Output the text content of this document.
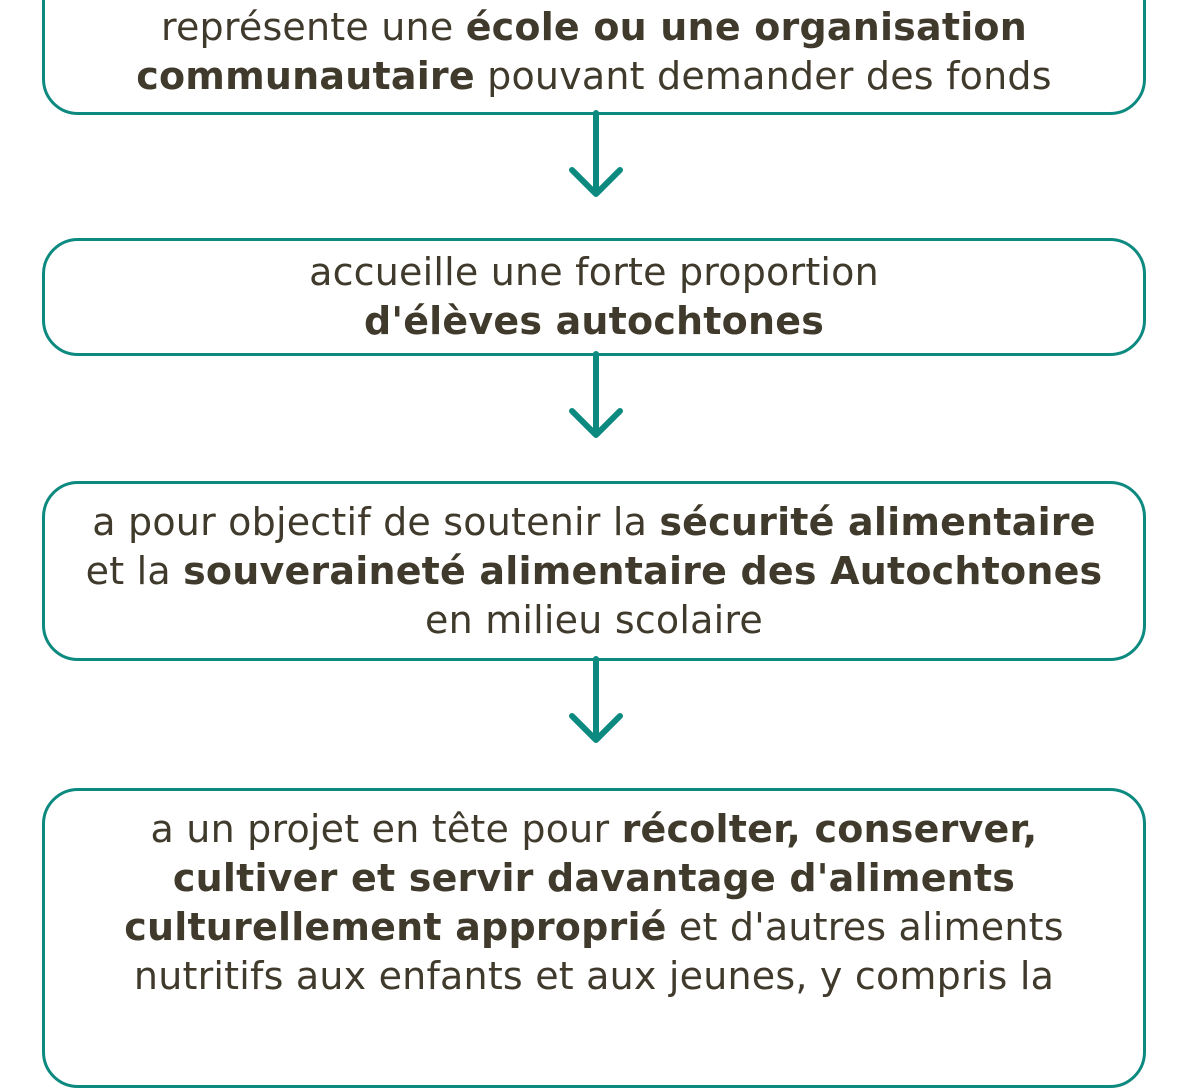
représente une école ou une organisation
communautaire pouvant demander des fonds
accueille une forte proportion
d'élèves autochtones
a pour objectif de soutenir la sécurité alimentaire
et la souveraineté alimentaire des Autochtones
en milieu scolaire
a un projet en tête pour récolter, conserver,
cultiver et servir davantage d'aliments
culturellement approprié et d'autres aliments
nutritifs aux enfants et aux jeunes, y compris la
